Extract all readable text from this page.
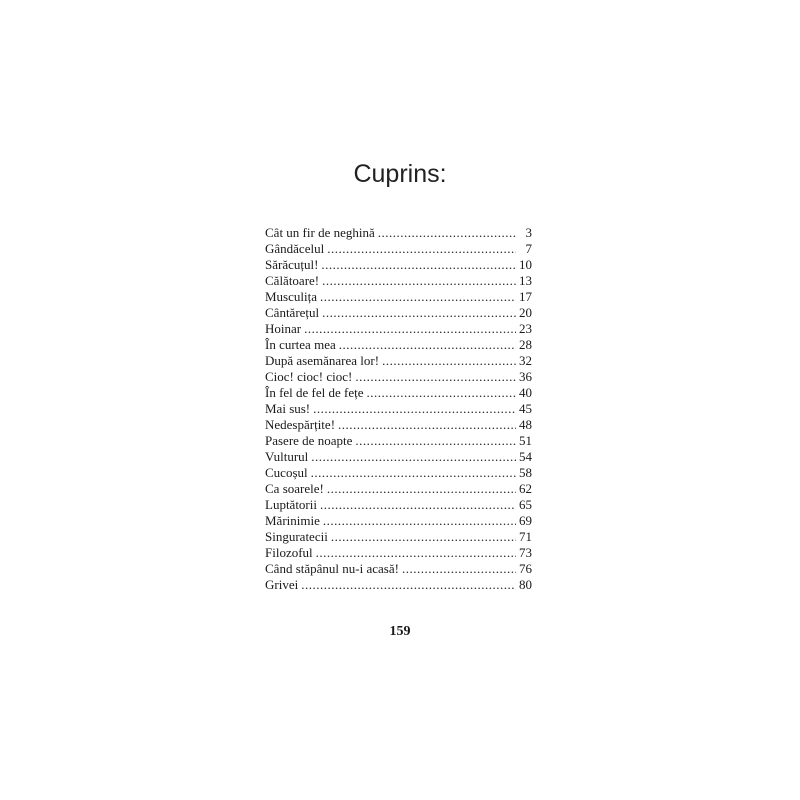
Cuprins:
Cât un fir de neghină .....	3
Gândăcelul .....	7
Sărăcuțul! .....	10
Călătoare! .....	13
Musculița .....	17
Cântărețul .....	20
Hoinar .....	23
În curtea mea .....	28
După asemănarea lor! .....	32
Cioc! cioc! cioc! .....	36
În fel de fel de fețe .....	40
Mai sus! .....	45
Nedespărțite! .....	48
Pasere de noapte .....	51
Vulturul .....	54
Cucoșul .....	58
Ca soarele! .....	62
Luptătorii .....	65
Mărinimie .....	69
Singuratecii .....	71
Filozoful .....	73
Când stăpânul nu-i acasă! .....	76
Grivei .....	80
159
